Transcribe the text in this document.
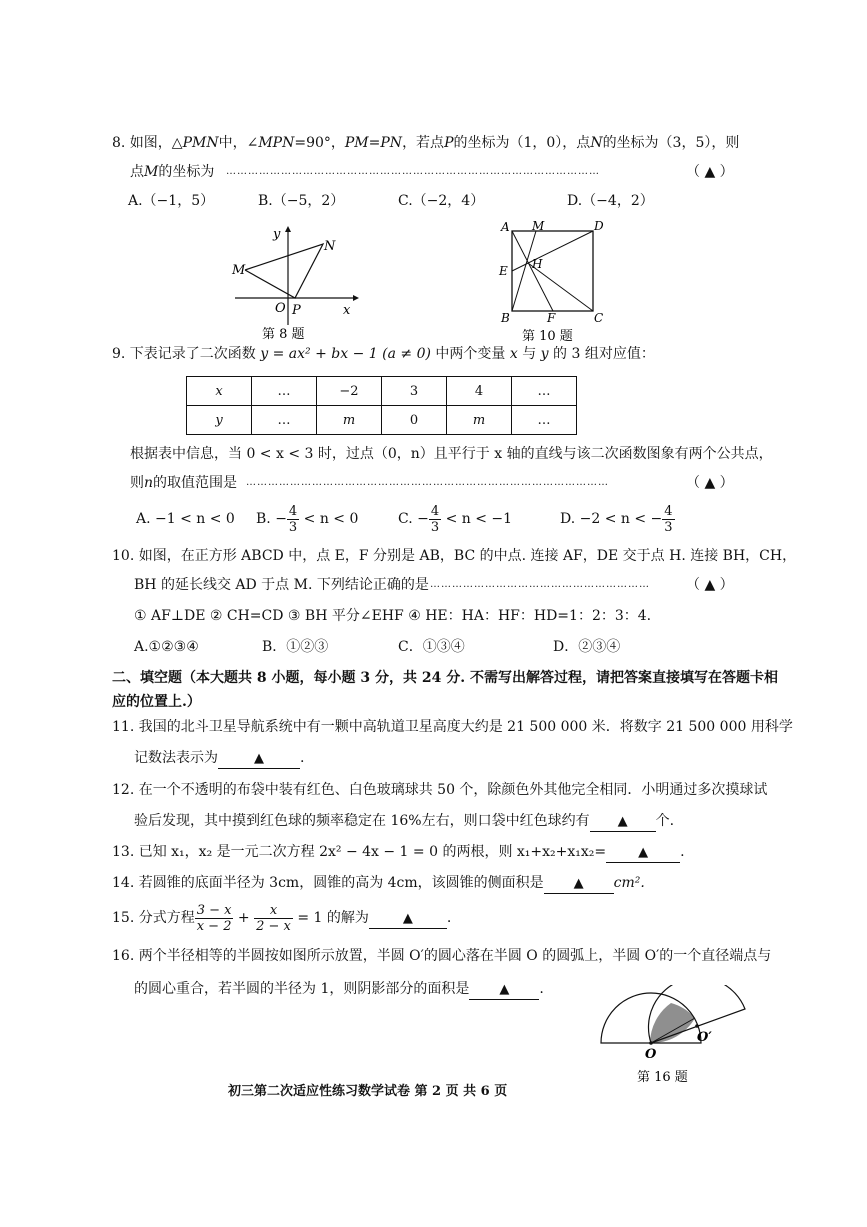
8. 如图，△PMN中，∠MPN=90°，PM=PN，若点P的坐标为（1，0），点N的坐标为（3，5），则
点M的坐标为 …………………………………………………………………………………………	（ ▲ ）
A.（−1，5）	B.（−5，2）	C.（−2，4）	D.（−4，2）
y
x
M
N
O P
第 8 题
A M	D
E H
B	F	C
第 10 题
9. 下表记录了二次函数 y = ax² + bx − 1 (a ≠ 0) 中两个变量 x 与 y 的 3 组对应值：
x	…	−2	3	4	…
y	…	m	0	m	…
根据表中信息，当 0 < x < 3 时，过点（0，n）且平行于 x 轴的直线与该二次函数图象有两个公共点，
则n的取值范围是 ………………………………………………………………………………………	（ ▲ ）
A. −1 < n < 0 B. − $\frac{4}{3} < n < 0$	C. − $\frac{4}{3} < n < -1$	D. −2 < n < − $\frac{4}{3}$
10. 如图，在正方形 ABCD 中，点 E，F 分别是 AB，BC 的中点. 连接 AF，DE 交于点 H. 连接 BH，CH，
BH 的延长线交 AD 于点 M. 下列结论正确的是 ……………………………………………………	（ ▲ ）
① AF⊥DE ② CH=CD ③ BH 平分∠EHF ④ HE：HA：HF：HD=1：2：3：4.
A.①②③④	B．①②③	C．①③④	D．②③④
二、填空题（本大题共 8 小题，每小题 3 分，共 24 分. 不需写出解答过程，请把答案直接填写在答题卡相
应的位置上.）
11. 我国的北斗卫星导航系统中有一颗中高轨道卫星高度大约是 21 500 000 米．将数字 21 500 000 用科学
记数法表示为	▲	.
12. 在一个不透明的布袋中装有红色、白色玻璃球共 50 个，除颜色外其他完全相同．小明通过多次摸球试
验后发现，其中摸到红色球的频率稳定在 16%左右，则口袋中红色球约有 ▲ 个.
13. 已知 x₁，x₂ 是一元二次方程 2x² − 4x − 1 = 0 的两根，则 x₁+x₂+x₁x₂= ▲ .
14. 若圆锥的底面半径为 3cm，圆锥的高为 4cm，该圆锥的侧面积是 ▲ cm².
15. 分式方程 $\frac{3 - x}{x - 2} + \frac{x}{2 - x} = 1$ 的解为	▲ .
16. 两个半径相等的半圆按如图所示放置，半圆 O′的圆心落在半圆 O 的圆弧上，半圆 O′的一个直径端点与
的圆心重合，若半圆的半径为 1，则阴影部分的面积是 ▲ .
O
O′
第 16 题
初三第二次适应性练习数学试卷 第 2 页 共 6 页
